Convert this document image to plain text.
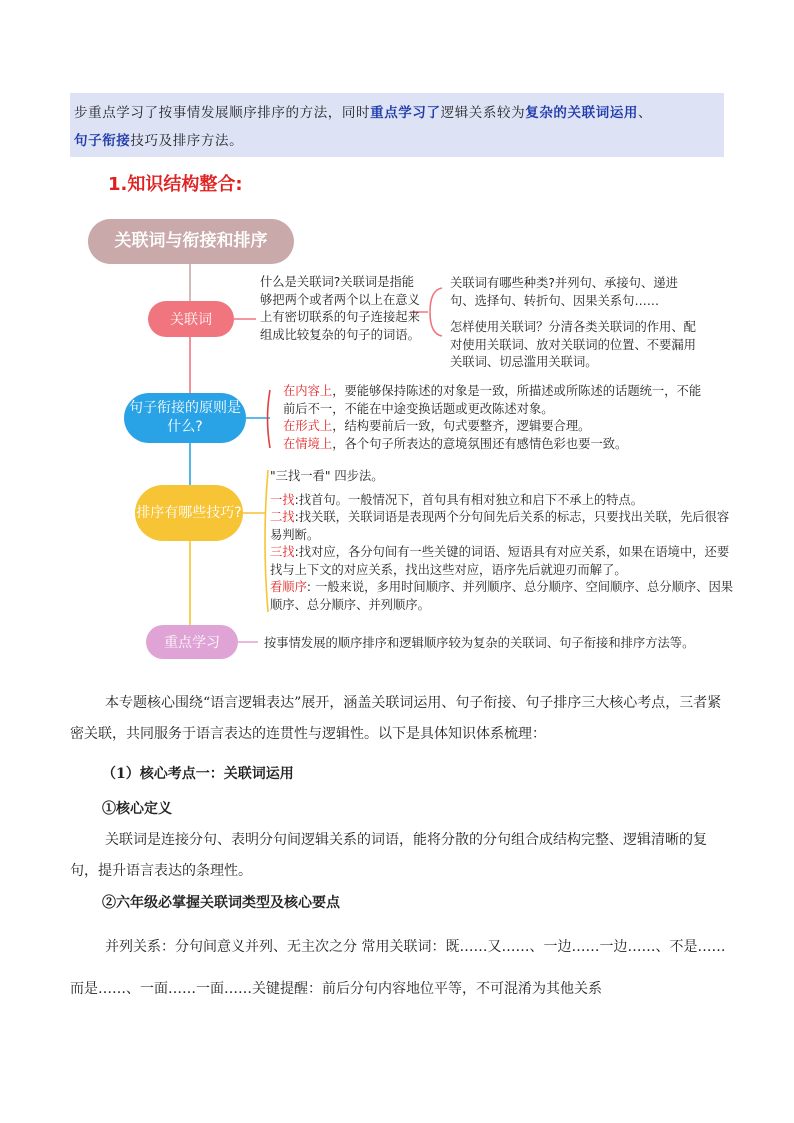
步重点学习了按事情发展顺序排序的方法，同时重点学习了逻辑关系较为复杂的关联词运用、
句子衔接技巧及排序方法。

1.知识结构整合:
关联词与衔接和排序
关联词
句子衔接的原则是什么?
排序有哪些技巧?
重点学习
什么是关联词?关联词是指能够把两个或者两个以上在意义上有密切联系的句子连接起来组成比较复杂的句子的词语。
关联词有哪些种类?并列句、承接句、递进句、选择句、转折句、因果关系句……
怎样使用关联词？分清各类关联词的作用、配对使用关联词、放对关联词的位置、不要漏用关联词、切忌滥用关联词。
在内容上，要能够保持陈述的对象是一致，所描述或所陈述的话题统一，不能前后不一，不能在中途变换话题或更改陈述对象。
在形式上，结构要前后一致，句式要整齐，逻辑要合理。
在情境上，各个句子所表达的意境氛围还有感情色彩也要一致。
"三找一看" 四步法。
一找:找首句。一般情况下，首句具有相对独立和启下不承上的特点。
二找:找关联，关联词语是表现两个分句间先后关系的标志，只要找出关联，先后很容易判断。
三找:找对应，各分句间有一些关键的词语、短语具有对应关系，如果在语境中，还要找与上下文的对应关系，找出这些对应，语序先后就迎刃而解了。
看顺序: 一般来说，多用时间顺序、并列顺序、总分顺序、空间顺序、总分顺序、因果顺序、总分顺序、并列顺序。
按事情发展的顺序排序和逻辑顺序较为复杂的关联词、句子衔接和排序方法等。
本专题核心围绕“语言逻辑表达”展开，涵盖关联词运用、句子衔接、句子排序三大核心考点，三者紧密关联，共同服务于语言表达的连贯性与逻辑性。以下是具体知识体系梳理：
（1）核心考点一：关联词运用
①核心定义
关联词是连接分句、表明分句间逻辑关系的词语，能将分散的分句组合成结构完整、逻辑清晰的复句，提升语言表达的条理性。
②六年级必掌握关联词类型及核心要点
并列关系：分句间意义并列、无主次之分 常用关联词：既……又……、一边……一边……、不是……而是……、一面……一面……关键提醒：前后分句内容地位平等，不可混淆为其他关系
